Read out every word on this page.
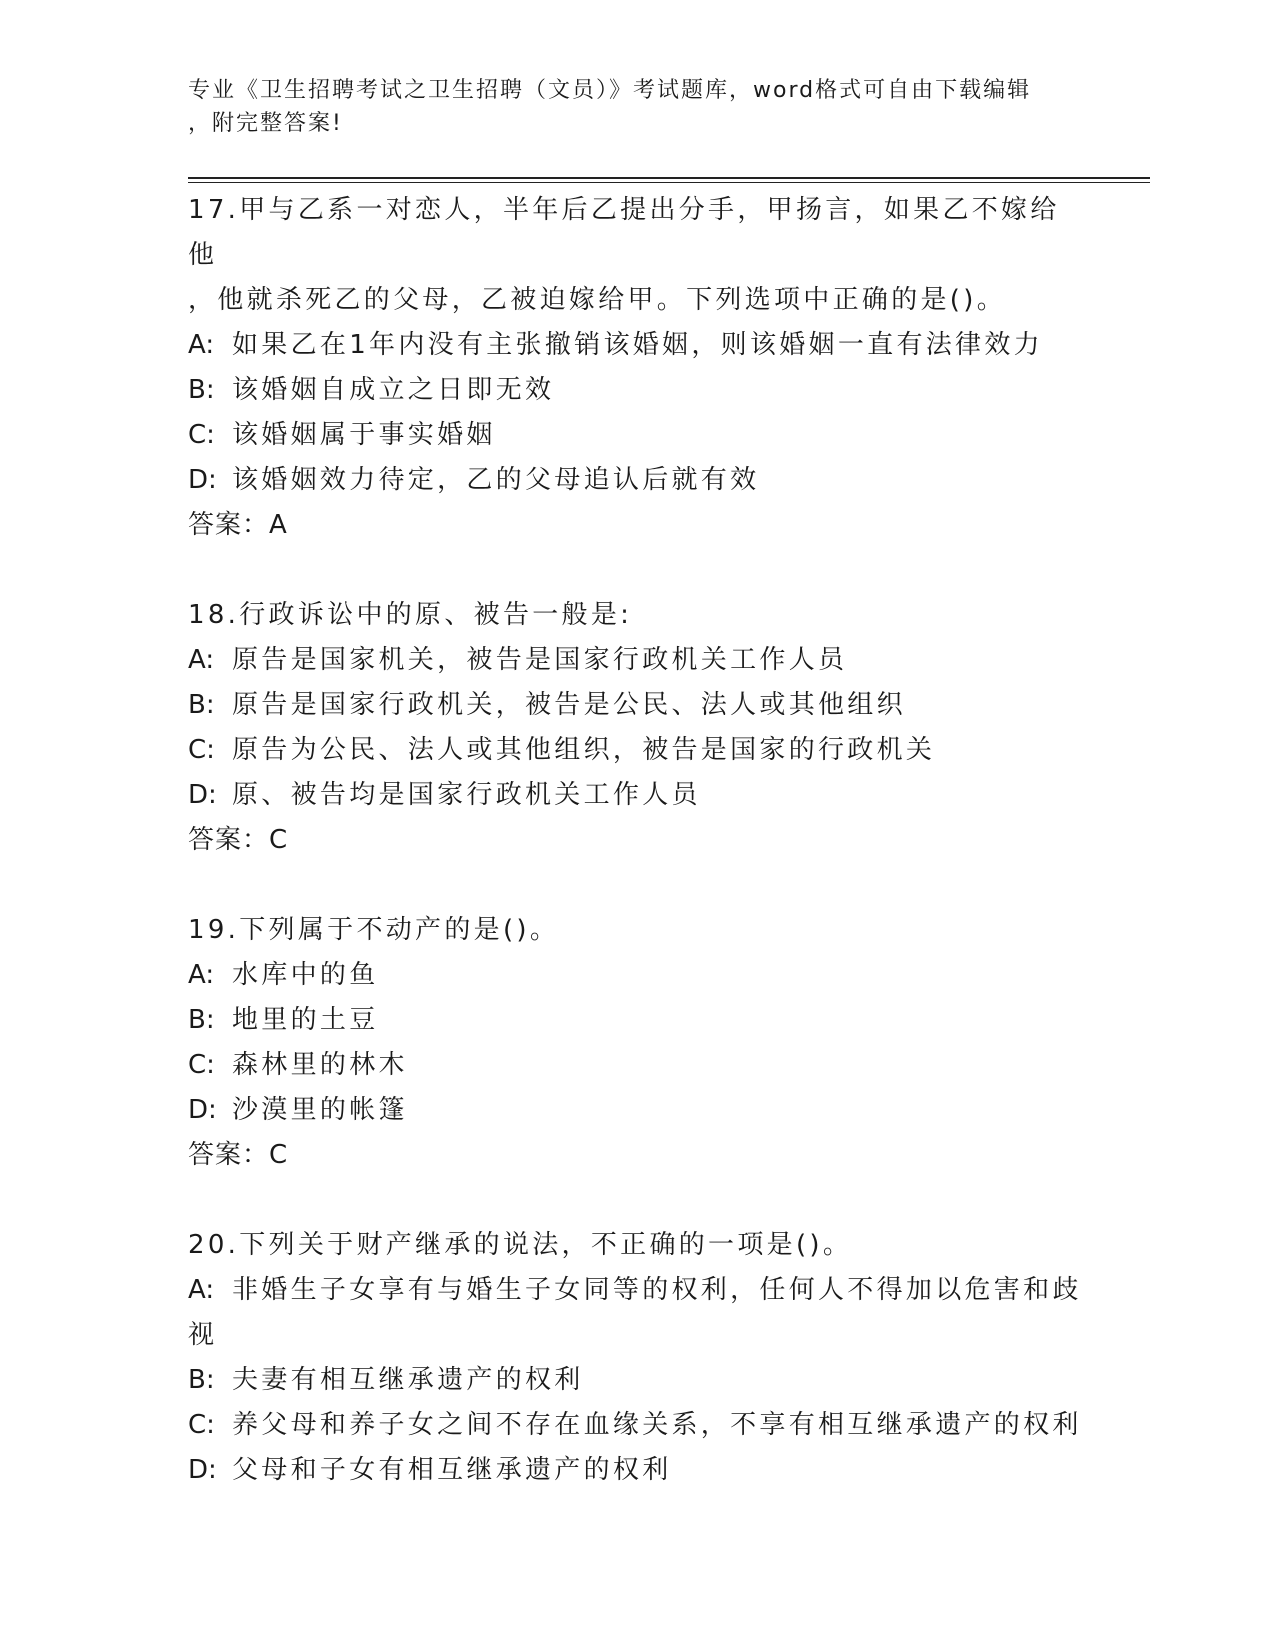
专业《卫生招聘考试之卫生招聘（文员）》考试题库，word格式可自由下载编辑
，附完整答案!
17.甲与乙系一对恋人，半年后乙提出分手，甲扬言，如果乙不嫁给他
，他就杀死乙的父母，乙被迫嫁给甲。下列选项中正确的是()。
A: 如果乙在1年内没有主张撤销该婚姻，则该婚姻一直有法律效力
B: 该婚姻自成立之日即无效
C: 该婚姻属于事实婚姻
D: 该婚姻效力待定，乙的父母追认后就有效
答案：A
18.行政诉讼中的原、被告一般是:
A: 原告是国家机关，被告是国家行政机关工作人员
B: 原告是国家行政机关，被告是公民、法人或其他组织
C: 原告为公民、法人或其他组织，被告是国家的行政机关
D: 原、被告均是国家行政机关工作人员
答案：C
19.下列属于不动产的是()。
A: 水库中的鱼
B: 地里的土豆
C: 森林里的林木
D: 沙漠里的帐篷
答案：C
20.下列关于财产继承的说法，不正确的一项是()。
A: 非婚生子女享有与婚生子女同等的权利，任何人不得加以危害和歧
视
B: 夫妻有相互继承遗产的权利
C: 养父母和养子女之间不存在血缘关系，不享有相互继承遗产的权利
D: 父母和子女有相互继承遗产的权利
